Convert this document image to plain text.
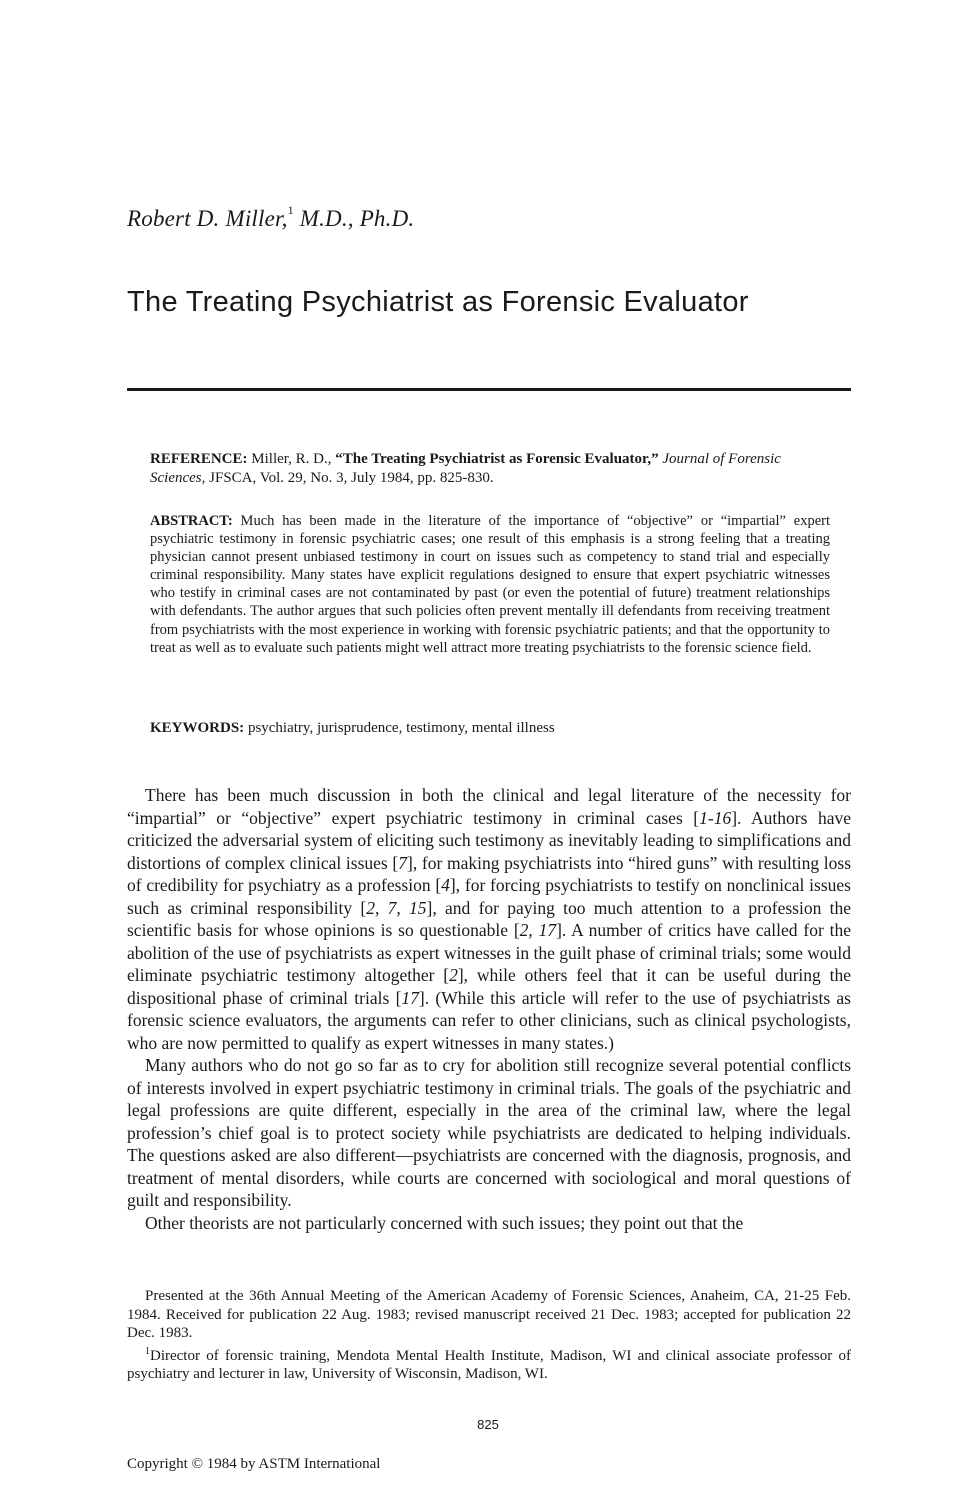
Robert D. Miller,$^1$ M.D., Ph.D.
The Treating Psychiatrist as Forensic Evaluator
REFERENCE: Miller, R. D., “The Treating Psychiatrist as Forensic Evaluator,” Journal of Forensic Sciences, JFSCA, Vol. 29, No. 3, July 1984, pp. 825-830.
ABSTRACT: Much has been made in the literature of the importance of “objective” or “impartial” expert psychiatric testimony in forensic psychiatric cases; one result of this emphasis is a strong feeling that a treating physician cannot present unbiased testimony in court on issues such as competency to stand trial and especially criminal responsibility. Many states have explicit regulations designed to ensure that expert psychiatric witnesses who testify in criminal cases are not contaminated by past (or even the potential of future) treatment relationships with defendants. The author argues that such policies often prevent mentally ill defendants from receiving treatment from psychiatrists with the most experience in working with forensic psychiatric patients; and that the opportunity to treat as well as to evaluate such patients might well attract more treating psychiatrists to the forensic science field.
KEYWORDS: psychiatry, jurisprudence, testimony, mental illness

There has been much discussion in both the clinical and legal literature of the necessity for “impartial” or “objective” expert psychiatric testimony in criminal cases [1-16]. Authors have criticized the adversarial system of eliciting such testimony as inevitably leading to simplifications and distortions of complex clinical issues [7], for making psychiatrists into “hired guns” with resulting loss of credibility for psychiatry as a profession [4], for forcing psychiatrists to testify on nonclinical issues such as criminal responsibility [2, 7, 15], and for paying too much attention to a profession the scientific basis for whose opinions is so questionable [2, 17]. A number of critics have called for the abolition of the use of psychiatrists as expert witnesses in the guilt phase of criminal trials; some would eliminate psychiatric testimony altogether [2], while others feel that it can be useful during the dispositional phase of criminal trials [17]. (While this article will refer to the use of psychiatrists as forensic science evaluators, the arguments can refer to other clinicians, such as clinical psychologists, who are now permitted to qualify as expert witnesses in many states.)

Many authors who do not go so far as to cry for abolition still recognize several potential conflicts of interests involved in expert psychiatric testimony in criminal trials. The goals of the psychiatric and legal professions are quite different, especially in the area of the criminal law, where the legal profession’s chief goal is to protect society while psychiatrists are dedicated to helping individuals. The questions asked are also different—psychiatrists are concerned with the diagnosis, prognosis, and treatment of mental disorders, while courts are concerned with sociological and moral questions of guilt and responsibility.

Other theorists are not particularly concerned with such issues; they point out that the

Presented at the 36th Annual Meeting of the American Academy of Forensic Sciences, Anaheim, CA, 21-25 Feb. 1984. Received for publication 22 Aug. 1983; revised manuscript received 21 Dec. 1983; accepted for publication 22 Dec. 1983.

$^1$Director of forensic training, Mendota Mental Health Institute, Madison, WI and clinical associate professor of psychiatry and lecturer in law, University of Wisconsin, Madison, WI.

825
Copyright © 1984 by ASTM International
